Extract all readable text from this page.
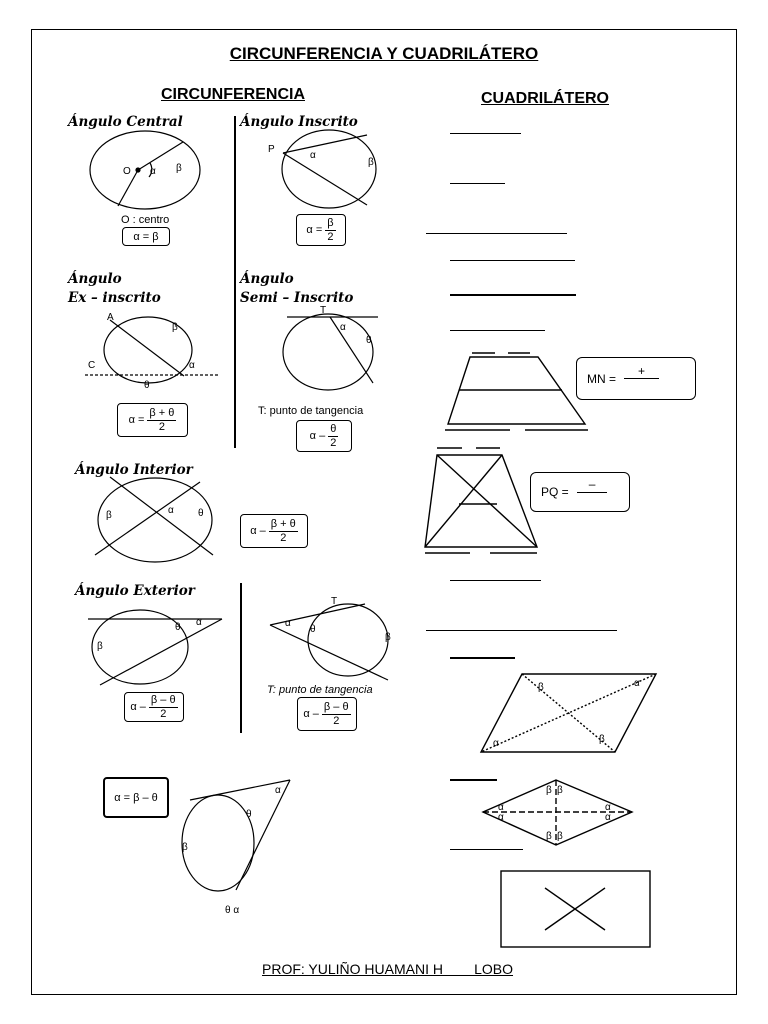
CIRCUNFERENCIA Y CUADRILÁTERO
CIRCUNFERENCIA	CUADRILÁTERO
Ángulo Central	Ángulo Inscrito
Ángulo
Ex – inscrito
Ángulo
Semi – Inscrito
Ángulo Interior
Ángulo Exterior
O α β
P
α
β
A
C
β
α
θ
T
α
θ
α
β	θ
α
θ
β
T
α
θ
β
α
θ
β
θ α
β	α
α	β
β β
α
α
α
α
β β
O : centro
T: punto de tangencia
T: punto de tangencia
α = β
$\alpha = \frac{\beta}{2}$
$\alpha = \frac{\beta + \theta}{2}$
α – $\frac{\theta}{2}$
α – $\frac{\beta + \theta}{2}$
α – $\frac{\beta - \theta}{2}$	α – $\frac{\beta - \theta}{2}$
α = β – θ
MN =
+

PQ =
–

PROF: YULIÑO HUAMANI H        LOBO
